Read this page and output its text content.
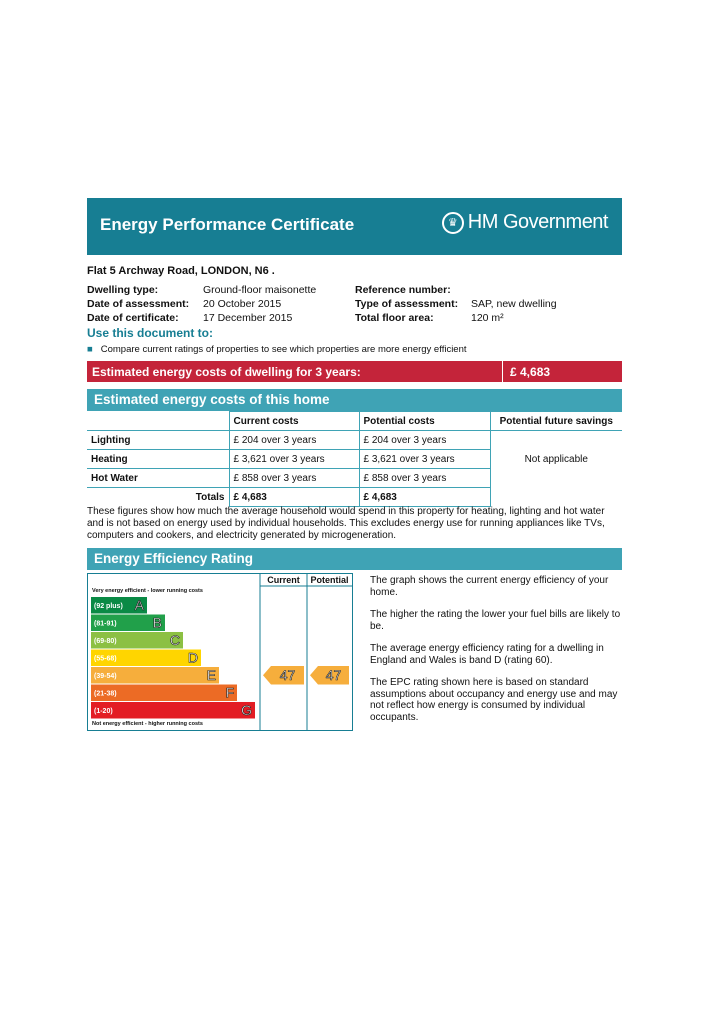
Energy Performance Certificate	♛ HM Government
Flat 5 Archway Road, LONDON, N6 .
Dwelling type:	Ground-floor maisonette
Date of assessment:	20 October 2015
Date of certificate:	17 December 2015
Reference number:
Type of assessment:	SAP, new dwelling
Total floor area:	120 m²
Use this document to:
■ Compare current ratings of properties to see which properties are more energy efficient
Estimated energy costs of dwelling for 3 years:	£ 4,683
Estimated energy costs of this home
	Current costs	Potential costs	Potential future savings
Lighting	£ 204 over 3 years	£ 204 over 3 years	Not applicable
Heating	£ 3,621 over 3 years	£ 3,621 over 3 years	
Hot Water	£ 858 over 3 years	£ 858 over 3 years	
Totals	£ 4,683	£ 4,683	
These figures show how much the average household would spend in this property for heating, lighting and hot water and is not based on energy used by individual households. This excludes energy use for running appliances like TVs, computers and cookers, and electricity generated by microgeneration.
Energy Efficiency Rating
Current Potential
Very energy efficient - lower running costs
Not energy efficient - higher running costs
(92 plus) A
(81-91)	B
(69-80)	C
(55-68)	D
(39-54)	E
(21-38)	F
(1-20)	G
47 47

The graph shows the current energy efficiency of your home.

The higher the rating the lower your fuel bills are likely to be.

The average energy efficiency rating for a dwelling in England and Wales is band D (rating 60).

The EPC rating shown here is based on standard assumptions about occupancy and energy use and may not reflect how energy is consumed by individual occupants.
